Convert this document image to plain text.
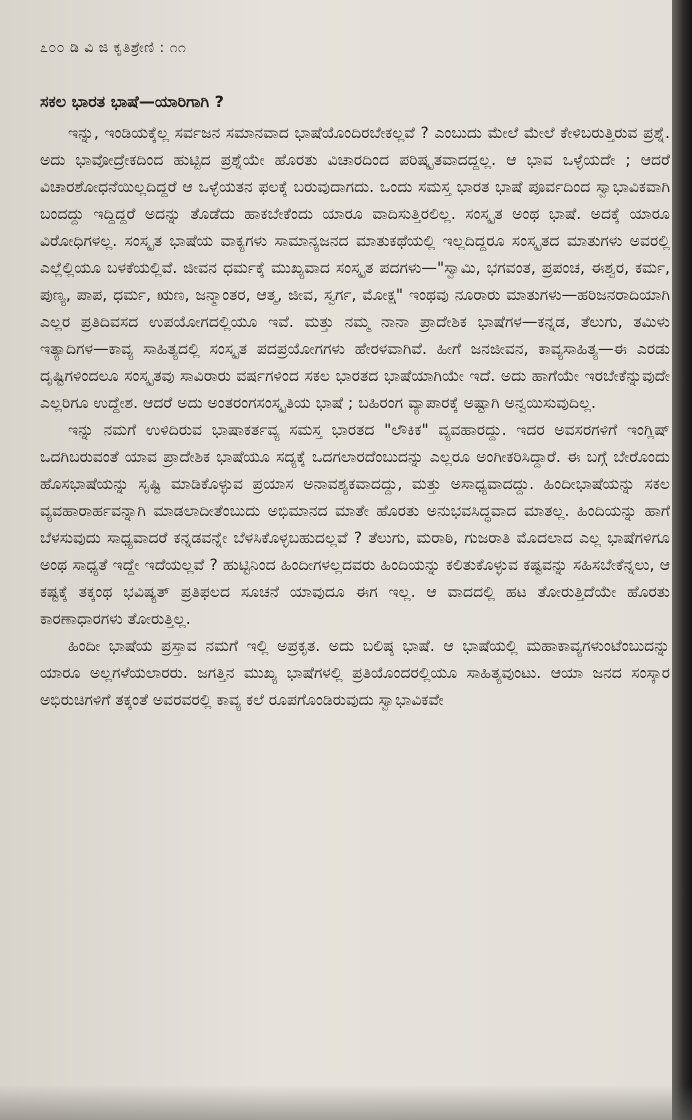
೭೦೦ ಡಿ ವಿ ಜಿ ಕೃತಿಶ್ರೇಣಿ : ೧೧
ಸಕಲ ಭಾರತ ಭಾಷೆ—ಯಾರಿಗಾಗಿ ?

ಇನ್ನು, ಇಂಡಿಯಕ್ಕೆಲ್ಲ ಸರ್ವಜನ ಸಮಾನವಾದ ಭಾಷೆಯೊಂದಿರಬೇಕಲ್ಲವೆ ? ಎಂಬುದು ಮೇಲೆ ಮೇಲೆ ಕೇಳಿಬರುತ್ತಿರುವ ಪ್ರಶ್ನೆ. ಅದು ಭಾವೋದ್ರೇಕದಿಂದ ಹುಟ್ಟಿದ ಪ್ರಶ್ನೆಯೇ ಹೊರತು ವಿಚಾರದಿಂದ ಪರಿಷ್ಕೃತವಾದದ್ದಲ್ಲ. ಆ ಭಾವ ಒಳ್ಳೆಯದೇ ; ಆದರೆ ವಿಚಾರಶೋಧನೆಯಿಲ್ಲದಿದ್ದರೆ ಆ ಒಳ್ಳೆಯತನ ಫಲಕ್ಕೆ ಬರುವುದಾಗದು. ಒಂದು ಸಮಸ್ತ ಭಾರತ ಭಾಷೆ ಪೂರ್ವದಿಂದ ಸ್ವಾಭಾವಿಕವಾಗಿ ಬಂದದ್ದು ಇದ್ದಿದ್ದರೆ ಅದನ್ನು ತೊಡೆದು ಹಾಕಬೇಕೆಂದು ಯಾರೂ ವಾದಿಸುತ್ತಿರಲಿಲ್ಲ. ಸಂಸ್ಕೃತ ಅಂಥ ಭಾಷೆ. ಅದಕ್ಕೆ ಯಾರೂ ವಿರೋಧಿಗಳಲ್ಲ. ಸಂಸ್ಕೃತ ಭಾಷೆಯ ವಾಕ್ಯಗಳು ಸಾಮಾನ್ಯಜನದ ಮಾತುಕಥೆಯಲ್ಲಿ ಇಲ್ಲದಿದ್ದರೂ ಸಂಸ್ಕೃತದ ಮಾತುಗಳು ಅವರಲ್ಲಿ ಎಲ್ಲೆಲ್ಲಿಯೂ ಬಳಕೆಯಲ್ಲಿವೆ. ಜೀವನ ಧರ್ಮಕ್ಕೆ ಮುಖ್ಯವಾದ ಸಂಸ್ಕೃತ ಪದಗಳು—"ಸ್ವಾಮಿ, ಭಗವಂತ, ಪ್ರಪಂಚ, ಈಶ್ವರ, ಕರ್ಮ, ಪುಣ್ಯ, ಪಾಪ, ಧರ್ಮ, ಋಣ, ಜನ್ಮಾಂತರ, ಆತ್ಮ, ಜೀವ, ಸ್ವರ್ಗ, ಮೋಕ್ಷ" ಇಂಥವು ನೂರಾರು ಮಾತುಗಳು—ಹರಿಜನರಾದಿಯಾಗಿ ಎಲ್ಲರ ಪ್ರತಿದಿವಸದ ಉಪಯೋಗದಲ್ಲಿಯೂ ಇವೆ. ಮತ್ತು ನಮ್ಮ ನಾನಾ ಪ್ರಾದೇಶಿಕ ಭಾಷೆಗಳ—ಕನ್ನಡ, ತೆಲುಗು, ತಮಿಳು ಇತ್ಯಾದಿಗಳ—ಕಾವ್ಯ ಸಾಹಿತ್ಯದಲ್ಲಿ ಸಂಸ್ಕೃತ ಪದಪ್ರಯೋಗಗಳು ಹೇರಳವಾಗಿವೆ. ಹೀಗೆ ಜನಜೀವನ, ಕಾವ್ಯಸಾಹಿತ್ಯ—ಈ ಎರಡು ದೃಷ್ಟಿಗಳಿಂದಲೂ ಸಂಸ್ಕೃತವು ಸಾವಿರಾರು ವರ್ಷಗಳಿಂದ ಸಕಲ ಭಾರತದ ಭಾಷೆಯಾಗಿಯೇ ಇದೆ. ಅದು ಹಾಗೆಯೇ ಇರಬೇಕೆನ್ನುವುದೇ ಎಲ್ಲರಿಗೂ ಉದ್ದೇಶ. ಆದರೆ ಅದು ಅಂತರಂಗಸಂಸ್ಕೃತಿಯ ಭಾಷೆ ; ಬಹಿರಂಗ ವ್ಯಾಪಾರಕ್ಕೆ ಅಷ್ಟಾಗಿ ಅನ್ವಯಿಸುವುದಿಲ್ಲ.

ಇನ್ನು ನಮಗೆ ಉಳಿದಿರುವ ಭಾಷಾಕರ್ತವ್ಯ ಸಮಸ್ತ ಭಾರತದ "ಲೌಕಿಕ" ವ್ಯವಹಾರದ್ದು. ಇದರ ಅವಸರಗಳಿಗೆ ಇಂಗ್ಲಿಷ್ ಒದಗಿಬರುವಂತೆ ಯಾವ ಪ್ರಾದೇಶಿಕ ಭಾಷೆಯೂ ಸದ್ಯಕ್ಕೆ ಒದಗಲಾರದೆಂಬುದನ್ನು ಎಲ್ಲರೂ ಅಂಗೀಕರಿಸಿದ್ದಾರೆ. ಈ ಬಗ್ಗೆ ಬೇರೊಂದು ಹೊಸಭಾಷೆಯನ್ನು ಸೃಷ್ಟಿ ಮಾಡಿಕೊಳ್ಳುವ ಪ್ರಯಾಸ ಅನಾವಶ್ಯಕವಾದದ್ದು, ಮತ್ತು ಅಸಾಧ್ಯವಾದದ್ದು. ಹಿಂದೀಭಾಷೆಯನ್ನು ಸಕಲ ವ್ಯವಹಾರಾರ್ಹವನ್ನಾಗಿ ಮಾಡಲಾದೀತೆಂಬುದು ಅಭಿಮಾನದ ಮಾತೇ ಹೊರತು ಅನುಭವಸಿದ್ಧವಾದ ಮಾತಲ್ಲ. ಹಿಂದಿಯನ್ನು ಹಾಗೆ ಬೆಳಸುವುದು ಸಾಧ್ಯವಾದರೆ ಕನ್ನಡವನ್ನೇ ಬೆಳಸಿಕೊಳ್ಳಬಹುದಲ್ಲವೆ ? ತೆಲುಗು, ಮರಾಠಿ, ಗುಜರಾತಿ ಮೊದಲಾದ ಎಲ್ಲ ಭಾಷೆಗಳಿಗೂ ಅಂಥ ಸಾಧ್ಯತೆ ಇದ್ದೇ ಇದೆಯಲ್ಲವೆ ? ಹುಟ್ಟಿನಿಂದ ಹಿಂದೀಗಳಲ್ಲದವರು ಹಿಂದಿಯನ್ನು ಕಲಿತುಕೊಳ್ಳುವ ಕಷ್ಟವನ್ನು ಸಹಿಸಬೇಕೆನ್ನಲು, ಆ ಕಷ್ಟಕ್ಕೆ ತಕ್ಕಂಥ ಭವಿಷ್ಯತ್ ಪ್ರತಿಫಲದ ಸೂಚನೆ ಯಾವುದೂ ಈಗ ಇಲ್ಲ. ಆ ವಾದದಲ್ಲಿ ಹಟ ತೋರುತ್ತಿದೆಯೇ ಹೊರತು ಕಾರಣಾಧಾರಗಳು ತೋರುತ್ತಿಲ್ಲ.

ಹಿಂದೀ ಭಾಷೆಯ ಪ್ರಸ್ತಾವ ನಮಗೆ ಇಲ್ಲಿ ಅಪ್ರಕೃತ. ಅದು ಬಲಿಷ್ಠ ಭಾಷೆ. ಆ ಭಾಷೆಯಲ್ಲಿ ಮಹಾಕಾವ್ಯಗಳುಂಟೆಂಬುದನ್ನು ಯಾರೂ ಅಲ್ಲಗಳೆಯಲಾರರು. ಜಗತ್ತಿನ ಮುಖ್ಯ ಭಾಷೆಗಳಲ್ಲಿ ಪ್ರತಿಯೊಂದರಲ್ಲಿಯೂ ಸಾಹಿತ್ಯವುಂಟು. ಆಯಾ ಜನದ ಸಂಸ್ಕಾರ ಅಭಿರುಚಿಗಳಿಗೆ ತಕ್ಕಂತೆ ಅವರವರಲ್ಲಿ ಕಾವ್ಯ ಕಲೆ ರೂಪಗೊಂಡಿರುವುದು ಸ್ವಾಭಾವಿಕವೇ
